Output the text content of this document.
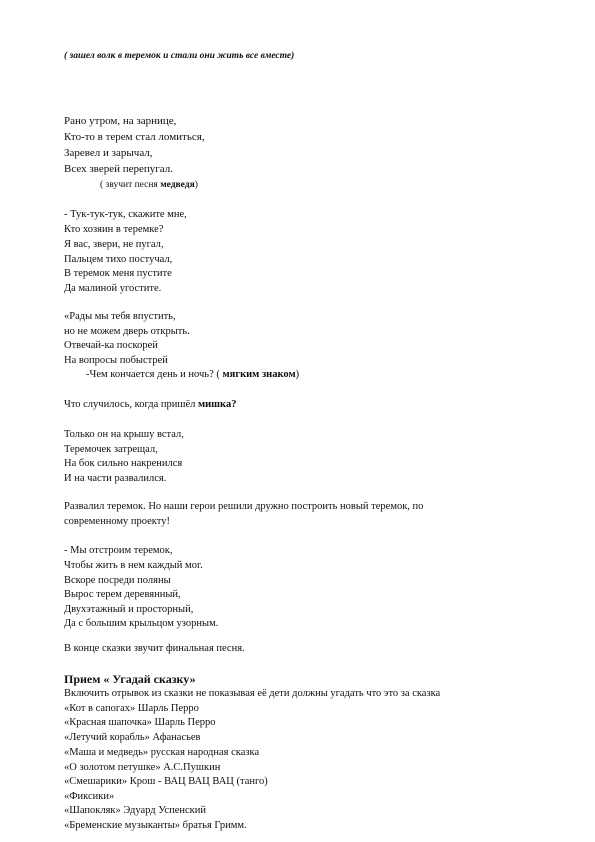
( зашел волк в теремок и стали они жить все вместе)
Рано утром, на зарнице,
Кто-то в терем стал ломиться,
Заревел и зарычал,
Всех зверей перепугал.
( звучит песня медведя)
- Тук-тук-тук, скажите мне,
Кто хозяин в теремке?
Я вас, звери, не пугал,
Пальцем тихо постучал,
В теремок меня пустите
Да малиной угостите.
«Рады мы тебя впустить,
но не можем дверь открыть.
Отвечай-ка поскорей
На вопросы побыстрей
-Чем кончается день и ночь? ( мягким знаком)
Что случилось, когда пришёл мишка?
Только он на крышу встал,
Теремочек затрещал,
На бок сильно накренился
И на части развалился.
Развалил теремок. Но наши герои решили дружно построить новый теремок, по
современному проекту!
- Мы отстроим теремок,
Чтобы жить в нем каждый мог.
Вскоре посреди поляны
Вырос терем деревянный,
Двухэтажный и просторный,
Да с большим крыльцом узорным.
В конце сказки звучит финальная песня.
Прием « Угадай сказку»
Включить отрывок из сказки не показывая её дети должны угадать что это за сказка
«Кот в сапогах» Шарль Перро
«Красная шапочка» Шарль Перро
«Летучий корабль» Афанасьев
«Маша и медведь» русская народная сказка
«О золотом петушке» А.С.Пушкин
«Смешарики» Крош - ВАЦ ВАЦ ВАЦ (танго)
«Фиксики»
«Шапокляк» Эдуард Успенский
«Бременские музыканты» братья Гримм.
